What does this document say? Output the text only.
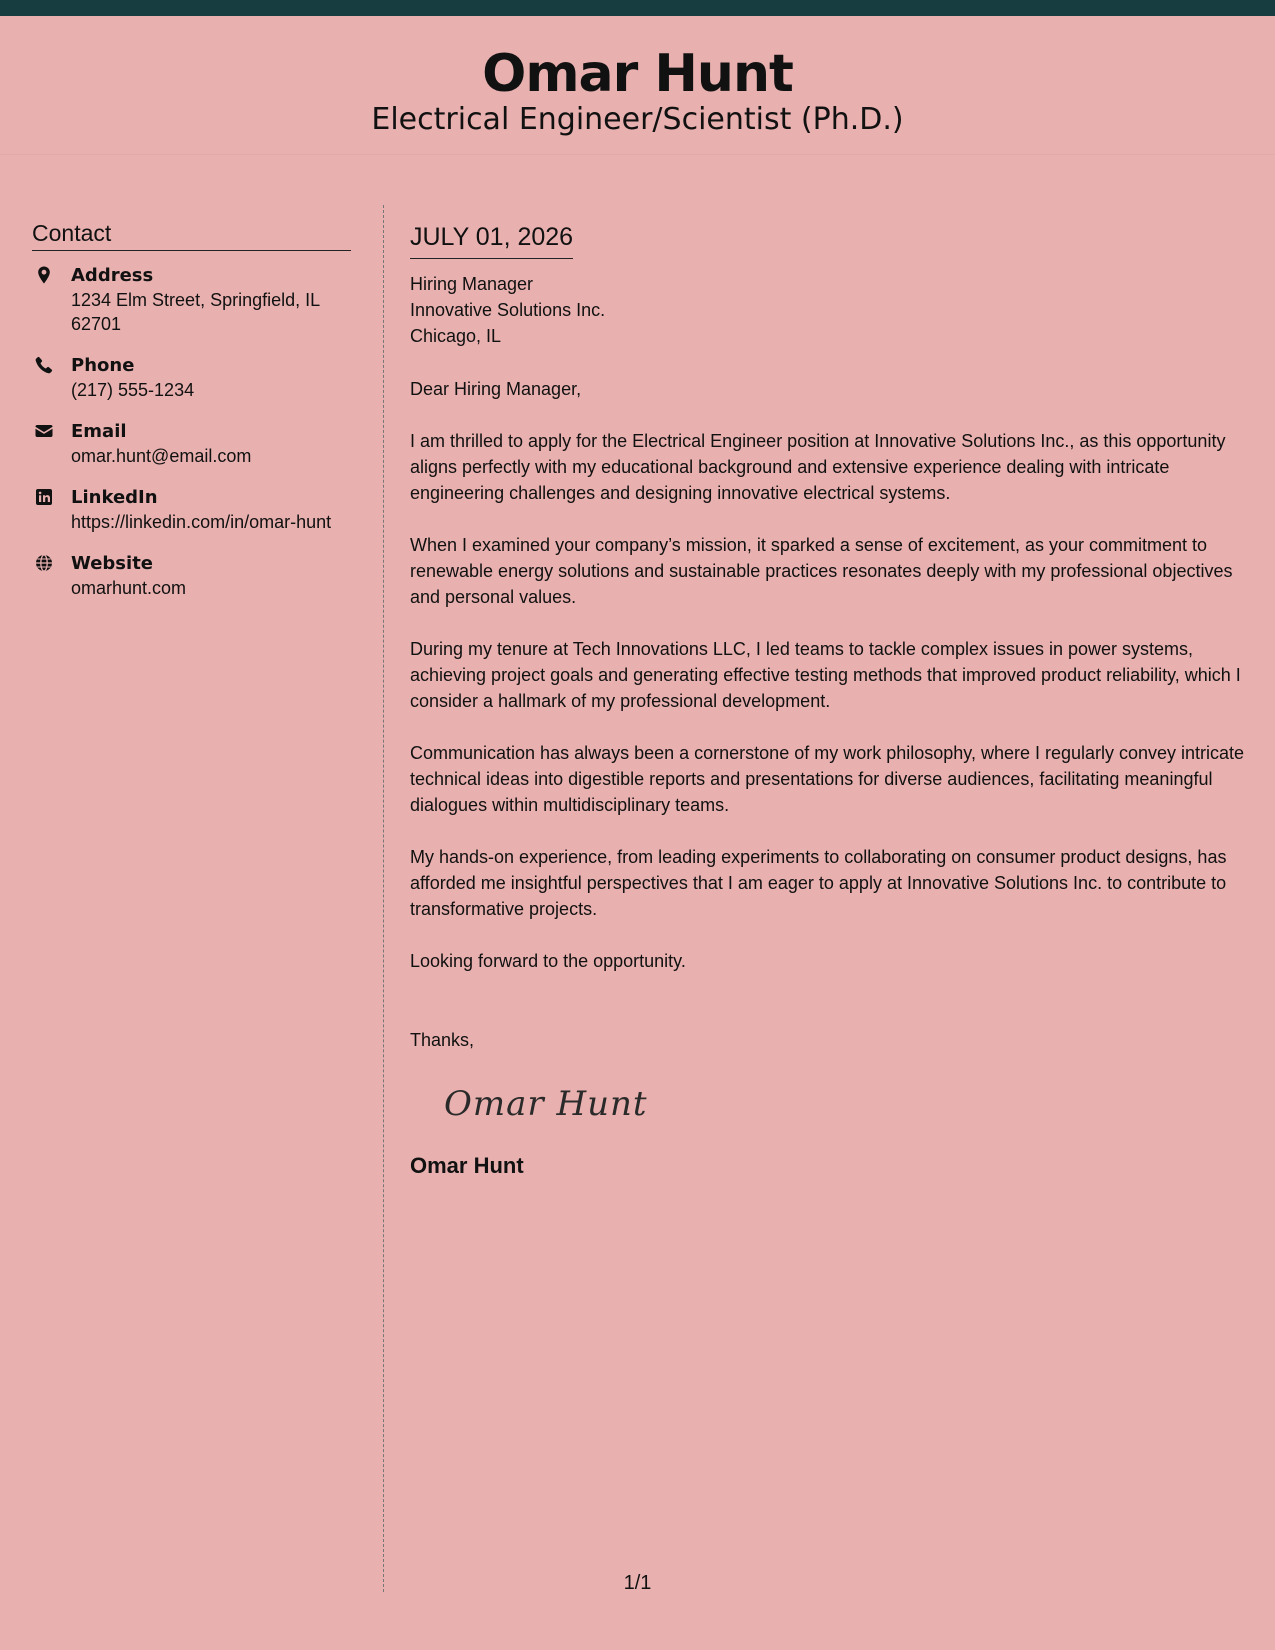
Omar Hunt
Electrical Engineer/Scientist (Ph.D.)
Contact
Address
1234 Elm Street, Springfield, IL 62701
Phone
(217) 555-1234
Email
omar.hunt@email.com
LinkedIn
https://linkedin.com/in/omar-hunt
Website
omarhunt.com
JULY 01, 2026
Hiring Manager
Innovative Solutions Inc.
Chicago, IL
Dear Hiring Manager,
I am thrilled to apply for the Electrical Engineer position at Innovative Solutions Inc., as this opportunity aligns perfectly with my educational background and extensive experience dealing with intricate engineering challenges and designing innovative electrical systems.
When I examined your company’s mission, it sparked a sense of excitement, as your commitment to renewable energy solutions and sustainable practices resonates deeply with my professional objectives and personal values.
During my tenure at Tech Innovations LLC, I led teams to tackle complex issues in power systems, achieving project goals and generating effective testing methods that improved product reliability, which I consider a hallmark of my professional development.
Communication has always been a cornerstone of my work philosophy, where I regularly convey intricate technical ideas into digestible reports and presentations for diverse audiences, facilitating meaningful dialogues within multidisciplinary teams.
My hands-on experience, from leading experiments to collaborating on consumer product designs, has afforded me insightful perspectives that I am eager to apply at Innovative Solutions Inc. to contribute to transformative projects.
Looking forward to the opportunity.
Thanks,
Omar Hunt
Omar Hunt
1/1
